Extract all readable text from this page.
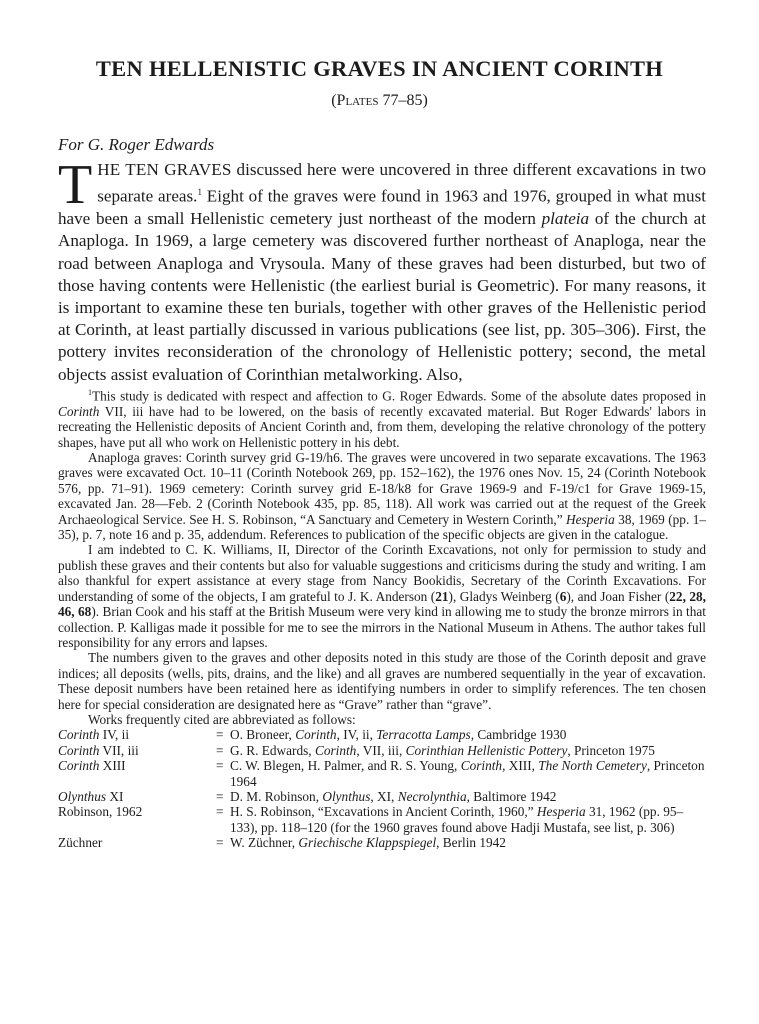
TEN HELLENISTIC GRAVES IN ANCIENT CORINTH

(Plates 77–85)

For G. Roger Edwards

THE TEN GRAVES discussed here were uncovered in three different excavations in two separate areas.$^1$ Eight of the graves were found in 1963 and 1976, grouped in what must have been a small Hellenistic cemetery just northeast of the modern plateia of the church at Anaploga. In 1969, a large cemetery was discovered further northeast of Anaploga, near the road between Anaploga and Vrysoula. Many of these graves had been disturbed, but two of those having contents were Hellenistic (the earliest burial is Geometric). For many reasons, it is important to examine these ten burials, together with other graves of the Hellenistic period at Corinth, at least partially discussed in various publications (see list, pp. 305–306). First, the pottery invites reconsideration of the chronology of Hellenistic pottery; second, the metal objects assist evaluation of Corinthian metalworking. Also,

$^1$This study is dedicated with respect and affection to G. Roger Edwards. Some of the absolute dates proposed in Corinth VII, iii have had to be lowered, on the basis of recently excavated material. But Roger Edwards' labors in recreating the Hellenistic deposits of Ancient Corinth and, from them, developing the relative chronology of the pottery shapes, have put all who work on Hellenistic pottery in his debt.

Anaploga graves: Corinth survey grid G-19/h6. The graves were uncovered in two separate excavations. The 1963 graves were excavated Oct. 10–11 (Corinth Notebook 269, pp. 152–162), the 1976 ones Nov. 15, 24 (Corinth Notebook 576, pp. 71–91). 1969 cemetery: Corinth survey grid E-18/k8 for Grave 1969-9 and F-19/c1 for Grave 1969-15, excavated Jan. 28—Feb. 2 (Corinth Notebook 435, pp. 85, 118). All work was carried out at the request of the Greek Archaeological Service. See H. S. Robinson, “A Sanctuary and Cemetery in Western Corinth,” Hesperia 38, 1969 (pp. 1–35), p. 7, note 16 and p. 35, addendum. References to publication of the specific objects are given in the catalogue.

I am indebted to C. K. Williams, II, Director of the Corinth Excavations, not only for permission to study and publish these graves and their contents but also for valuable suggestions and criticisms during the study and writing. I am also thankful for expert assistance at every stage from Nancy Bookidis, Secretary of the Corinth Excavations. For understanding of some of the objects, I am grateful to J. K. Anderson (21), Gladys Weinberg (6), and Joan Fisher (22, 28, 46, 68). Brian Cook and his staff at the British Museum were very kind in allowing me to study the bronze mirrors in that collection. P. Kalligas made it possible for me to see the mirrors in the National Museum in Athens. The author takes full responsibility for any errors and lapses.

The numbers given to the graves and other deposits noted in this study are those of the Corinth deposit and grave indices; all deposits (wells, pits, drains, and the like) and all graves are numbered sequentially in the year of excavation. These deposit numbers have been retained here as identifying numbers in order to simplify references. The ten chosen here for special consideration are designated here as “Grave” rather than “grave”.

Works frequently cited are abbreviated as follows:

Corinth IV, ii	=	O. Broneer, Corinth, IV, ii, Terracotta Lamps, Cambridge 1930
Corinth VII, iii	=	G. R. Edwards, Corinth, VII, iii, Corinthian Hellenistic Pottery, Princeton 1975
Corinth XIII	=	C. W. Blegen, H. Palmer, and R. S. Young, Corinth, XIII, The North Cemetery, Princeton 1964
Olynthus XI	=	D. M. Robinson, Olynthus, XI, Necrolynthia, Baltimore 1942
Robinson, 1962	=	H. S. Robinson, “Excavations in Ancient Corinth, 1960,” Hesperia 31, 1962 (pp. 95–133), pp. 118–120 (for the 1960 graves found above Hadji Mustafa, see list, p. 306)
Züchner	=	W. Züchner, Griechische Klappspiegel, Berlin 1942
